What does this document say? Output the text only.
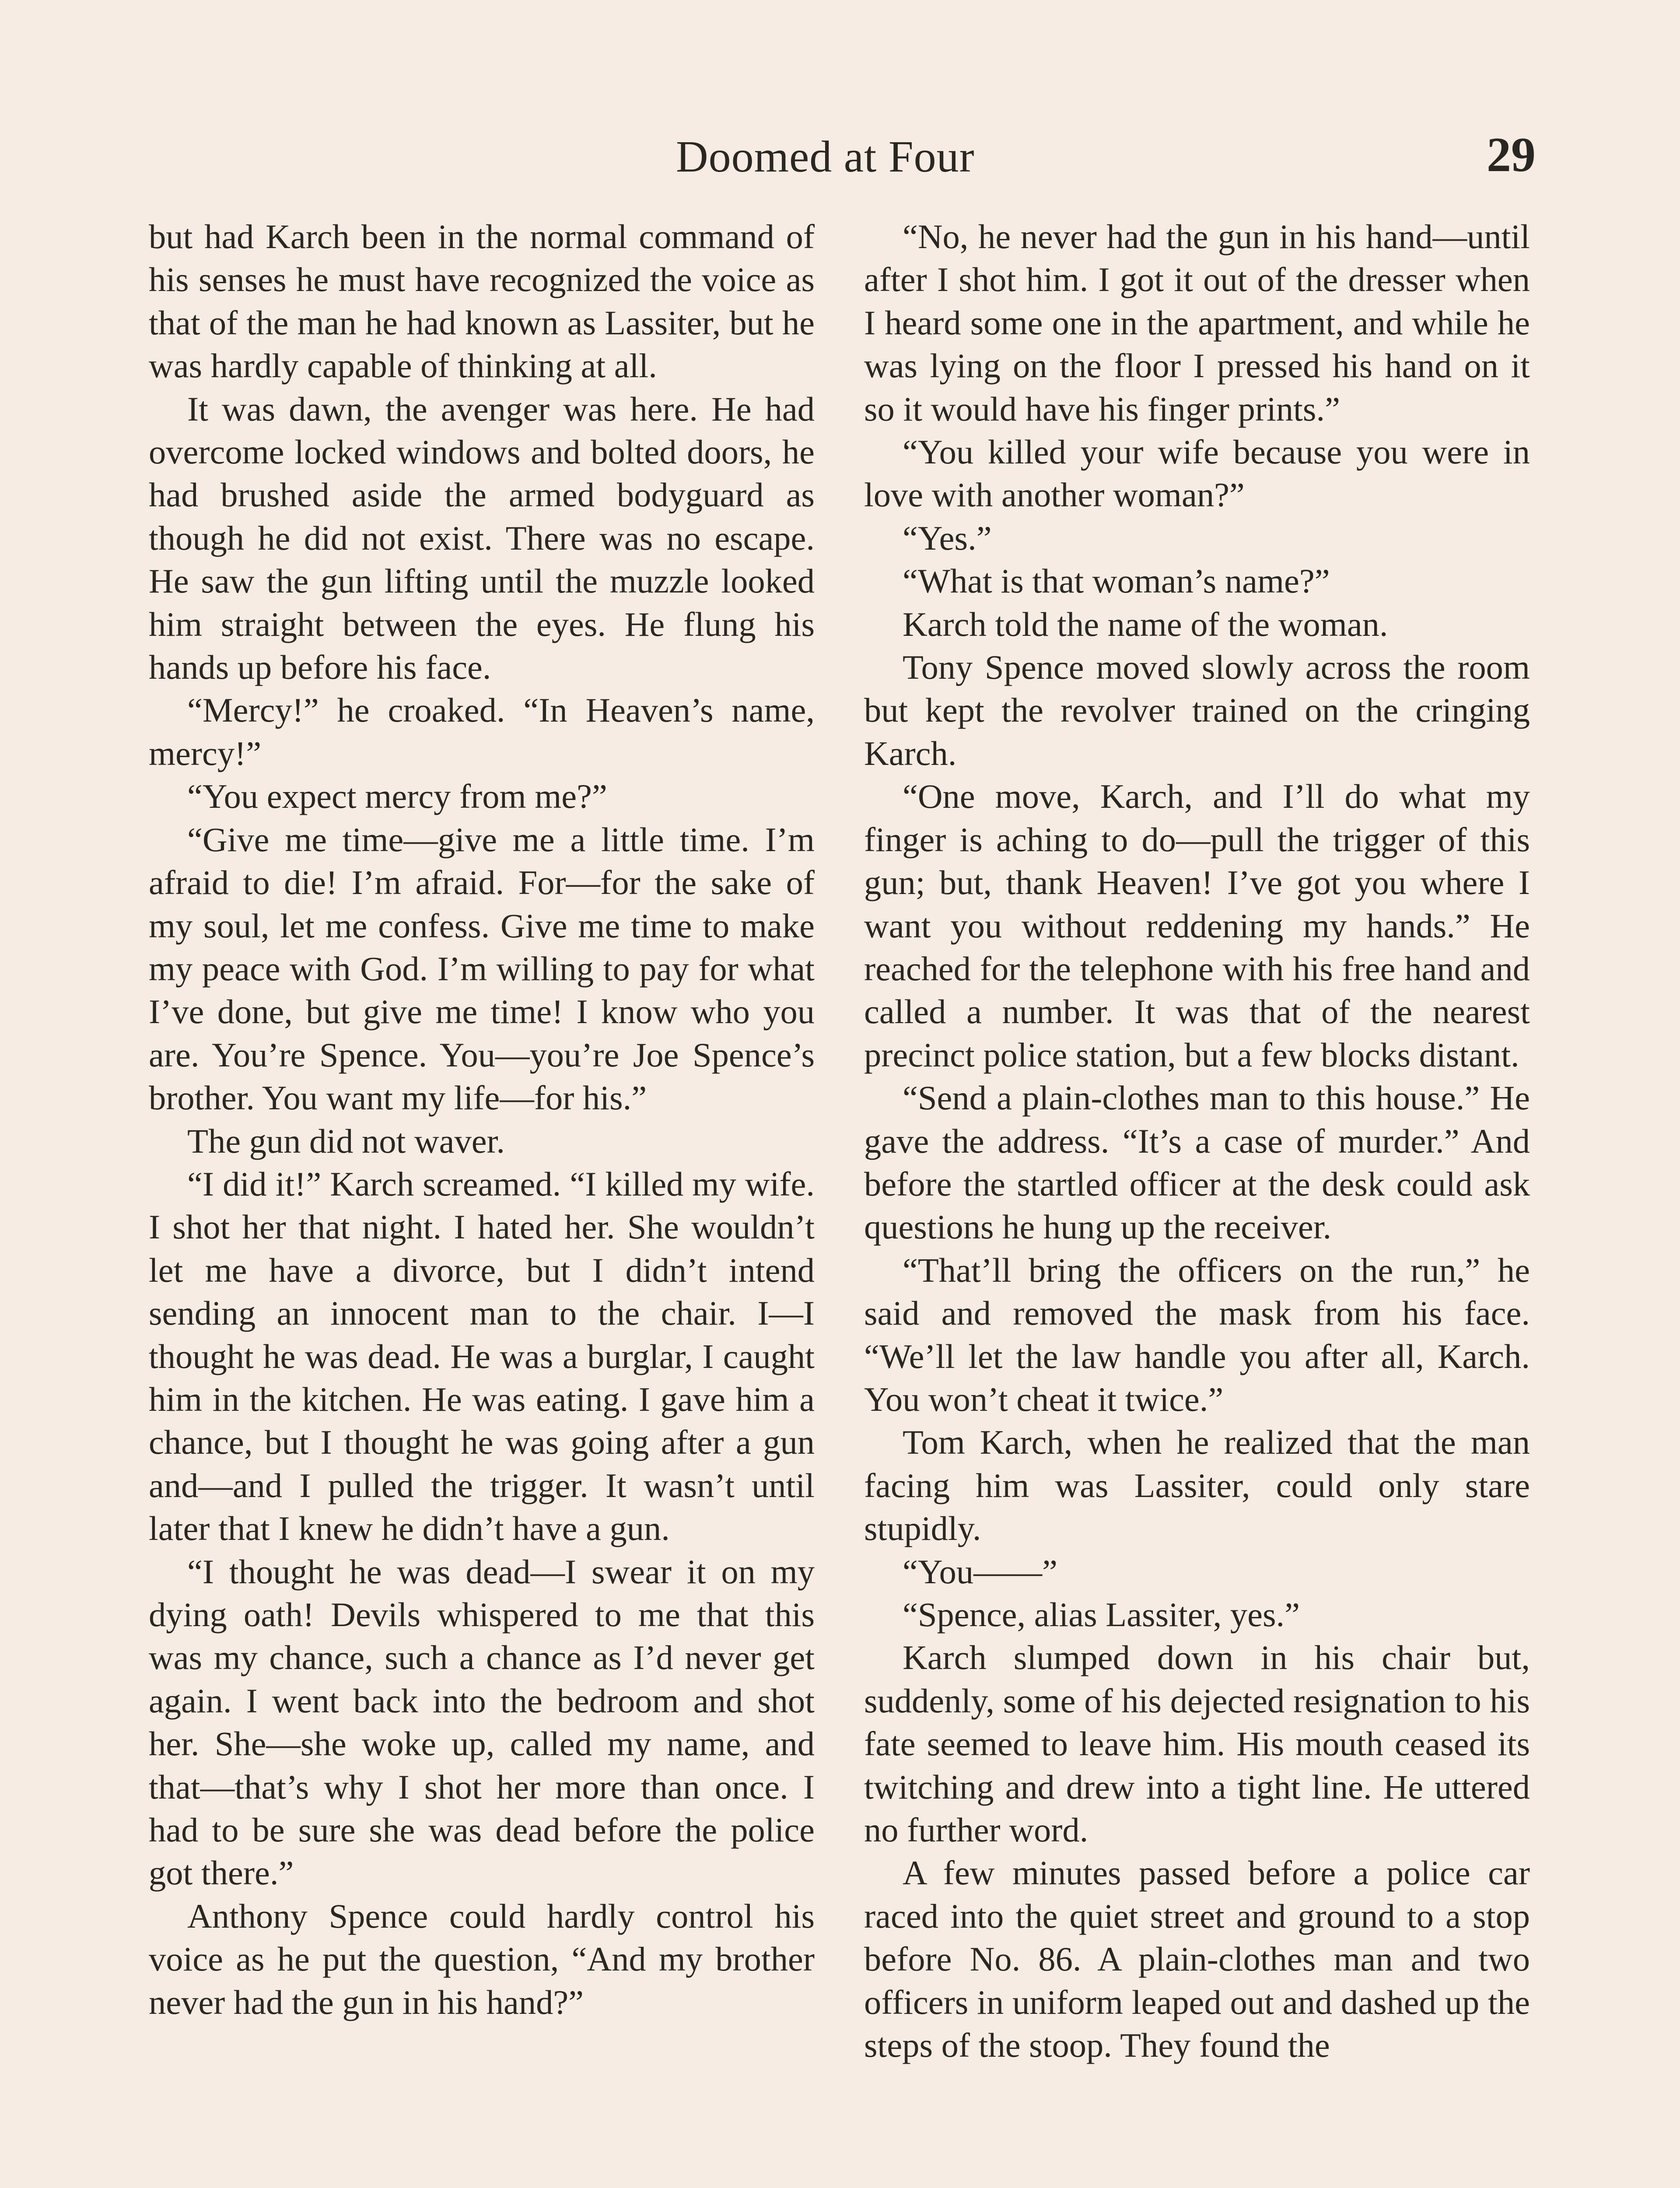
Doomed at Four	29

but had Karch been in the normal command of his senses he must have recognized the voice as that of the man he had known as Lassiter, but he was hardly capable of thinking at all.

It was dawn, the avenger was here. He had overcome locked windows and bolted doors, he had brushed aside the armed bodyguard as though he did not exist. There was no escape. He saw the gun lifting until the muzzle looked him straight between the eyes. He flung his hands up before his face.

“Mercy!” he croaked. “In Heaven’s name, mercy!”

“You expect mercy from me?”

“Give me time—give me a little time. I’m afraid to die! I’m afraid. For—for the sake of my soul, let me confess. Give me time to make my peace with God. I’m willing to pay for what I’ve done, but give me time! I know who you are. You’re Spence. You—you’re Joe Spence’s brother. You want my life—for his.”

The gun did not waver.

“I did it!” Karch screamed. “I killed my wife. I shot her that night. I hated her. She wouldn’t let me have a divorce, but I didn’t intend sending an innocent man to the chair. I—I thought he was dead. He was a burglar, I caught him in the kitchen. He was eating. I gave him a chance, but I thought he was going after a gun and—and I pulled the trigger. It wasn’t until later that I knew he didn’t have a gun.

“I thought he was dead—I swear it on my dying oath! Devils whispered to me that this was my chance, such a chance as I’d never get again. I went back into the bedroom and shot her. She—she woke up, called my name, and that—that’s why I shot her more than once. I had to be sure she was dead before the police got there.”

Anthony Spence could hardly control his voice as he put the question, “And my brother never had the gun in his hand?”

“No, he never had the gun in his hand—until after I shot him. I got it out of the dresser when I heard some one in the apartment, and while he was lying on the floor I pressed his hand on it so it would have his finger prints.”

“You killed your wife because you were in love with another woman?”

“Yes.”

“What is that woman’s name?”

Karch told the name of the woman.

Tony Spence moved slowly across the room but kept the revolver trained on the cringing Karch.

“One move, Karch, and I’ll do what my finger is aching to do—pull the trigger of this gun; but, thank Heaven! I’ve got you where I want you without reddening my hands.” He reached for the telephone with his free hand and called a number. It was that of the nearest precinct police station, but a few blocks distant.

“Send a plain-clothes man to this house.” He gave the address. “It’s a case of murder.” And before the startled officer at the desk could ask questions he hung up the receiver.

“That’ll bring the officers on the run,” he said and removed the mask from his face. “We’ll let the law handle you after all, Karch. You won’t cheat it twice.”

Tom Karch, when he realized that the man facing him was Lassiter, could only stare stupidly.

“You——”

“Spence, alias Lassiter, yes.”

Karch slumped down in his chair but, suddenly, some of his dejected resignation to his fate seemed to leave him. His mouth ceased its twitching and drew into a tight line. He uttered no further word.

A few minutes passed before a police car raced into the quiet street and ground to a stop before No. 86. A plain-clothes man and two officers in uniform leaped out and dashed up the steps of the stoop. They found the
